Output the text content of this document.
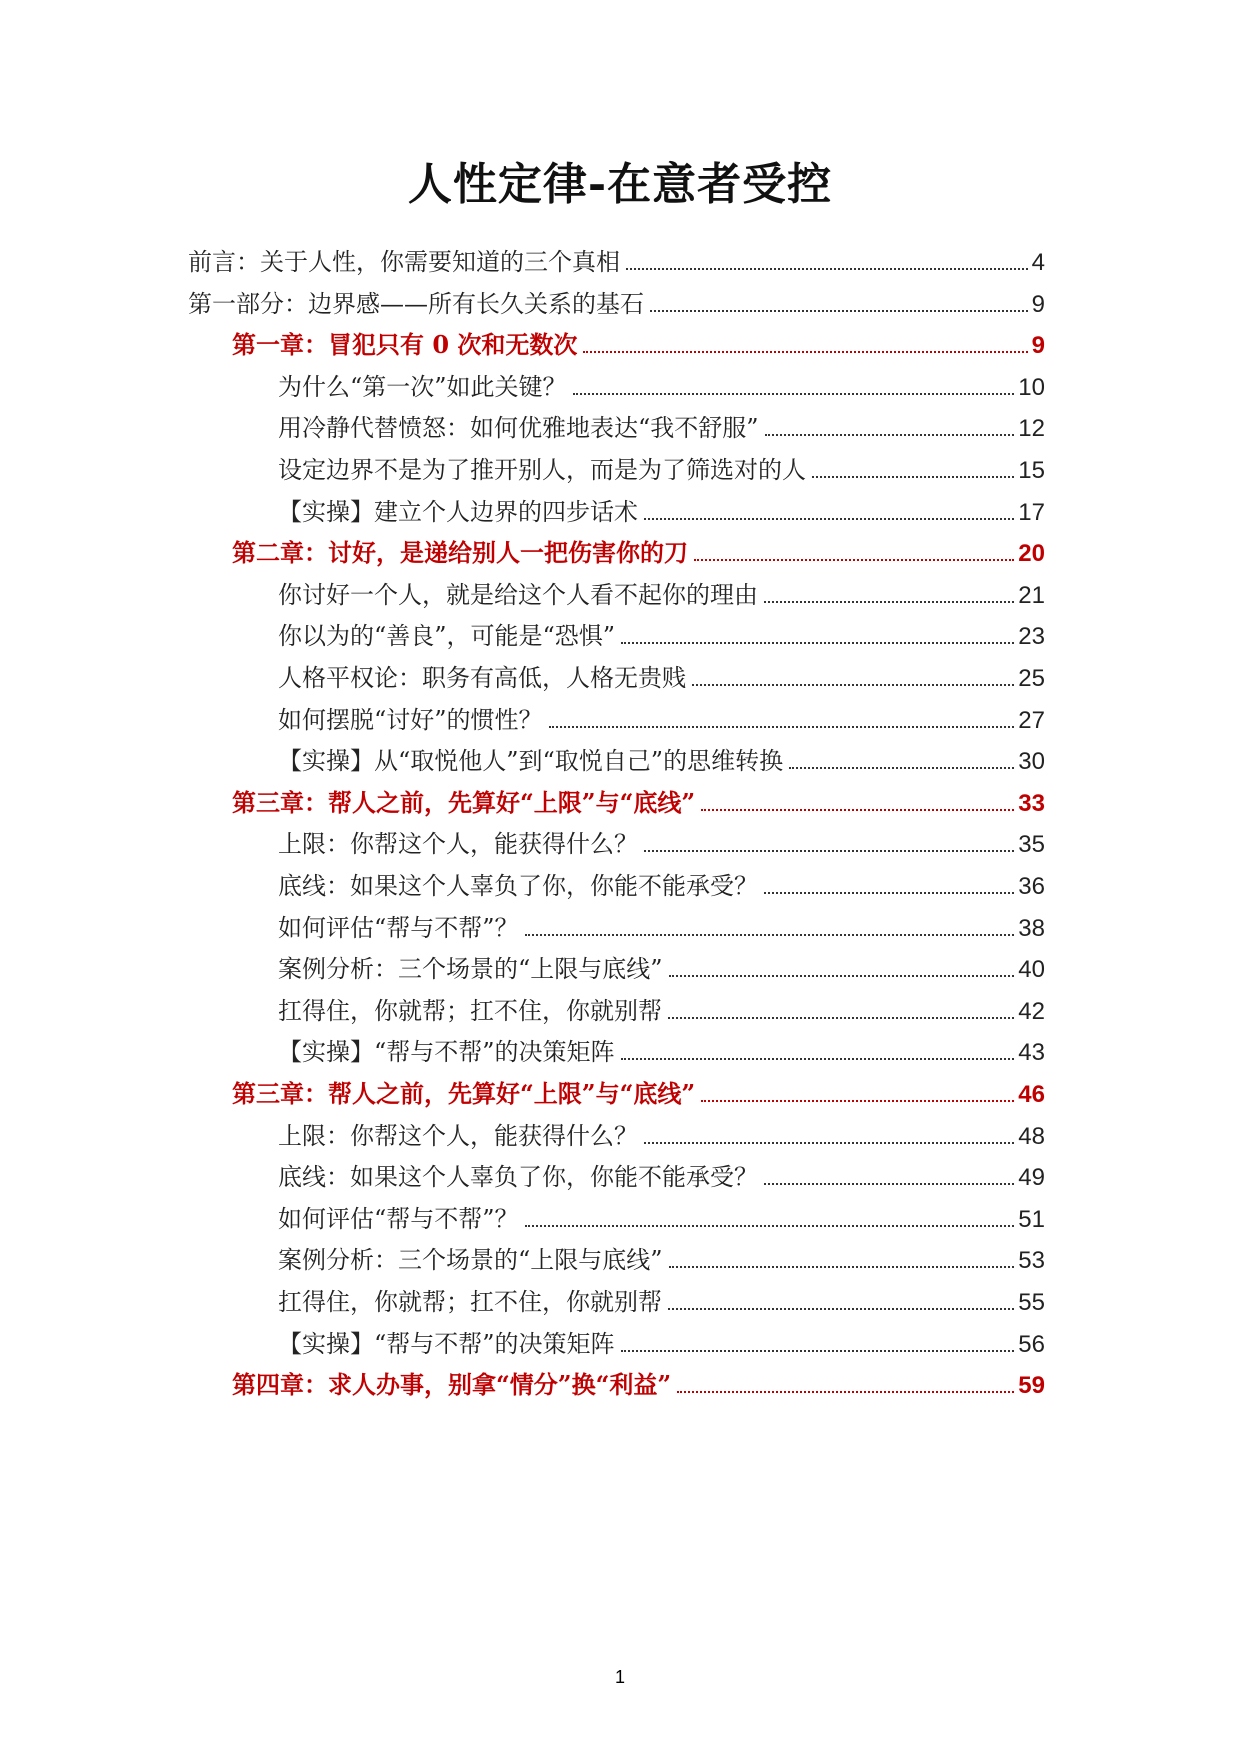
人性定律-在意者受控
前言：关于人性，你需要知道的三个真相	4
第一部分：边界感——所有长久关系的基石	9
第一章：冒犯只有 0 次和无数次	9
为什么“第一次”如此关键？	10
用冷静代替愤怒：如何优雅地表达“我不舒服”	12
设定边界不是为了推开别人，而是为了筛选对的人	15
【实操】建立个人边界的四步话术	17
第二章：讨好，是递给别人一把伤害你的刀	20
你讨好一个人，就是给这个人看不起你的理由	21
你以为的“善良”，可能是“恐惧”	23
人格平权论：职务有高低，人格无贵贱	25
如何摆脱“讨好”的惯性？	27
【实操】从“取悦他人”到“取悦自己”的思维转换	30
第三章：帮人之前，先算好“上限”与“底线”	33
上限：你帮这个人，能获得什么？	35
底线：如果这个人辜负了你，你能不能承受？	36
如何评估“帮与不帮”？	38
案例分析：三个场景的“上限与底线”	40
扛得住，你就帮；扛不住，你就别帮	42
【实操】“帮与不帮”的决策矩阵	43
第三章：帮人之前，先算好“上限”与“底线”	46
上限：你帮这个人，能获得什么？	48
底线：如果这个人辜负了你，你能不能承受？	49
如何评估“帮与不帮”？	51
案例分析：三个场景的“上限与底线”	53
扛得住，你就帮；扛不住，你就别帮	55
【实操】“帮与不帮”的决策矩阵	56
第四章：求人办事，别拿“情分”换“利益”	59
1
